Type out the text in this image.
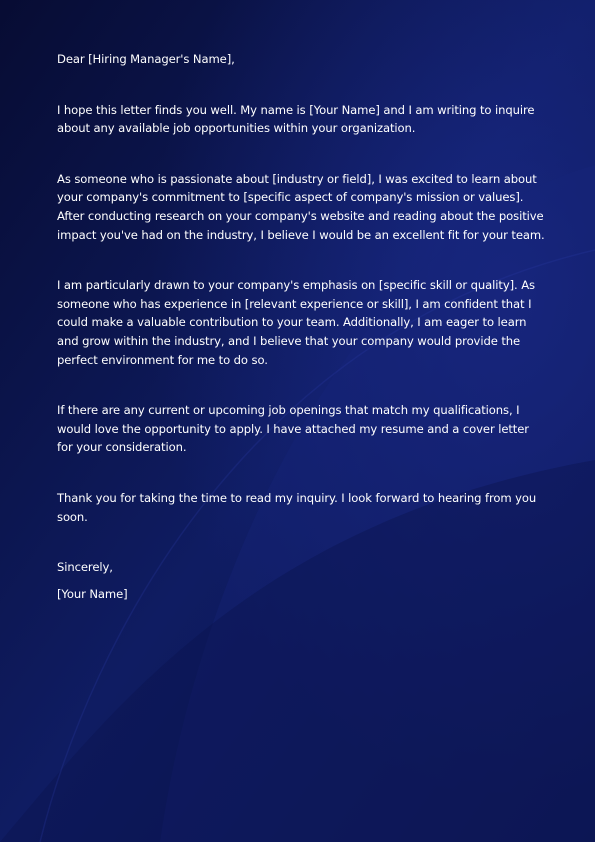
Dear [Hiring Manager's Name],

I hope this letter finds you well. My name is [Your Name] and I am writing to inquire about any available job opportunities within your organization.

As someone who is passionate about [industry or field], I was excited to learn about your company's commitment to [specific aspect of company's mission or values]. After conducting research on your company's website and reading about the positive impact you've had on the industry, I believe I would be an excellent fit for your team.

I am particularly drawn to your company's emphasis on [specific skill or quality]. As someone who has experience in [relevant experience or skill], I am confident that I could make a valuable contribution to your team. Additionally, I am eager to learn and grow within the industry, and I believe that your company would provide the perfect environment for me to do so.

If there are any current or upcoming job openings that match my qualifications, I would love the opportunity to apply. I have attached my resume and a cover letter for your consideration.

Thank you for taking the time to read my inquiry. I look forward to hearing from you soon.

Sincerely,

[Your Name]
